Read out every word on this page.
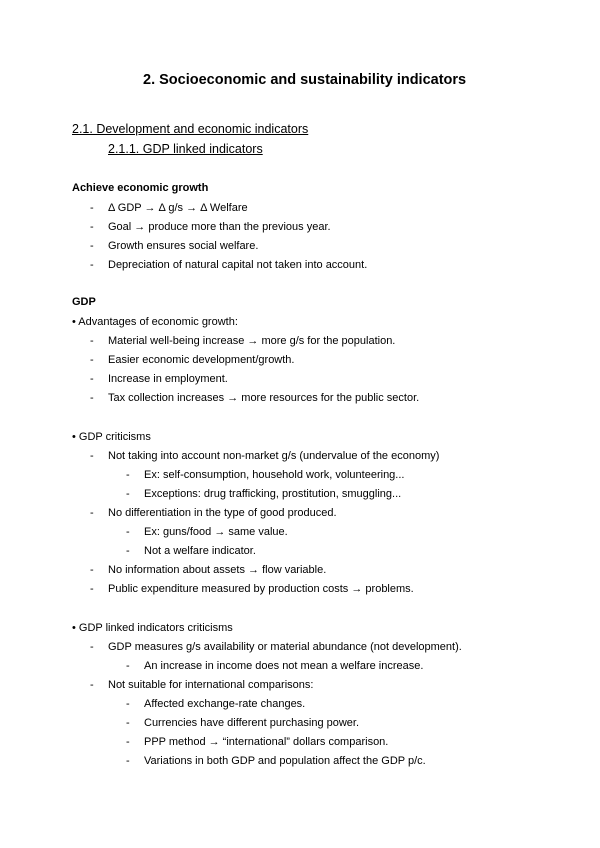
2. Socioeconomic and sustainability indicators
2.1. Development and economic indicators
2.1.1. GDP linked indicators
Achieve economic growth
- Δ GDP → Δ g/s → Δ Welfare
- Goal → produce more than the previous year.
- Growth ensures social welfare.
- Depreciation of natural capital not taken into account.
GDP
• Advantages of economic growth:
- Material well-being increase → more g/s for the population.
- Easier economic development/growth.
- Increase in employment.
- Tax collection increases → more resources for the public sector.
• GDP criticisms
- Not taking into account non-market g/s (undervalue of the economy)
- Ex: self-consumption, household work, volunteering...
- Exceptions: drug trafficking, prostitution, smuggling...
- No differentiation in the type of good produced.
- Ex: guns/food → same value.
- Not a welfare indicator.
- No information about assets → flow variable.
- Public expenditure measured by production costs → problems.
• GDP linked indicators criticisms
- GDP measures g/s availability or material abundance (not development).
- An increase in income does not mean a welfare increase.
- Not suitable for international comparisons:
- Affected exchange-rate changes.
- Currencies have different purchasing power.
- PPP method → “international” dollars comparison.
- Variations in both GDP and population affect the GDP p/c.
